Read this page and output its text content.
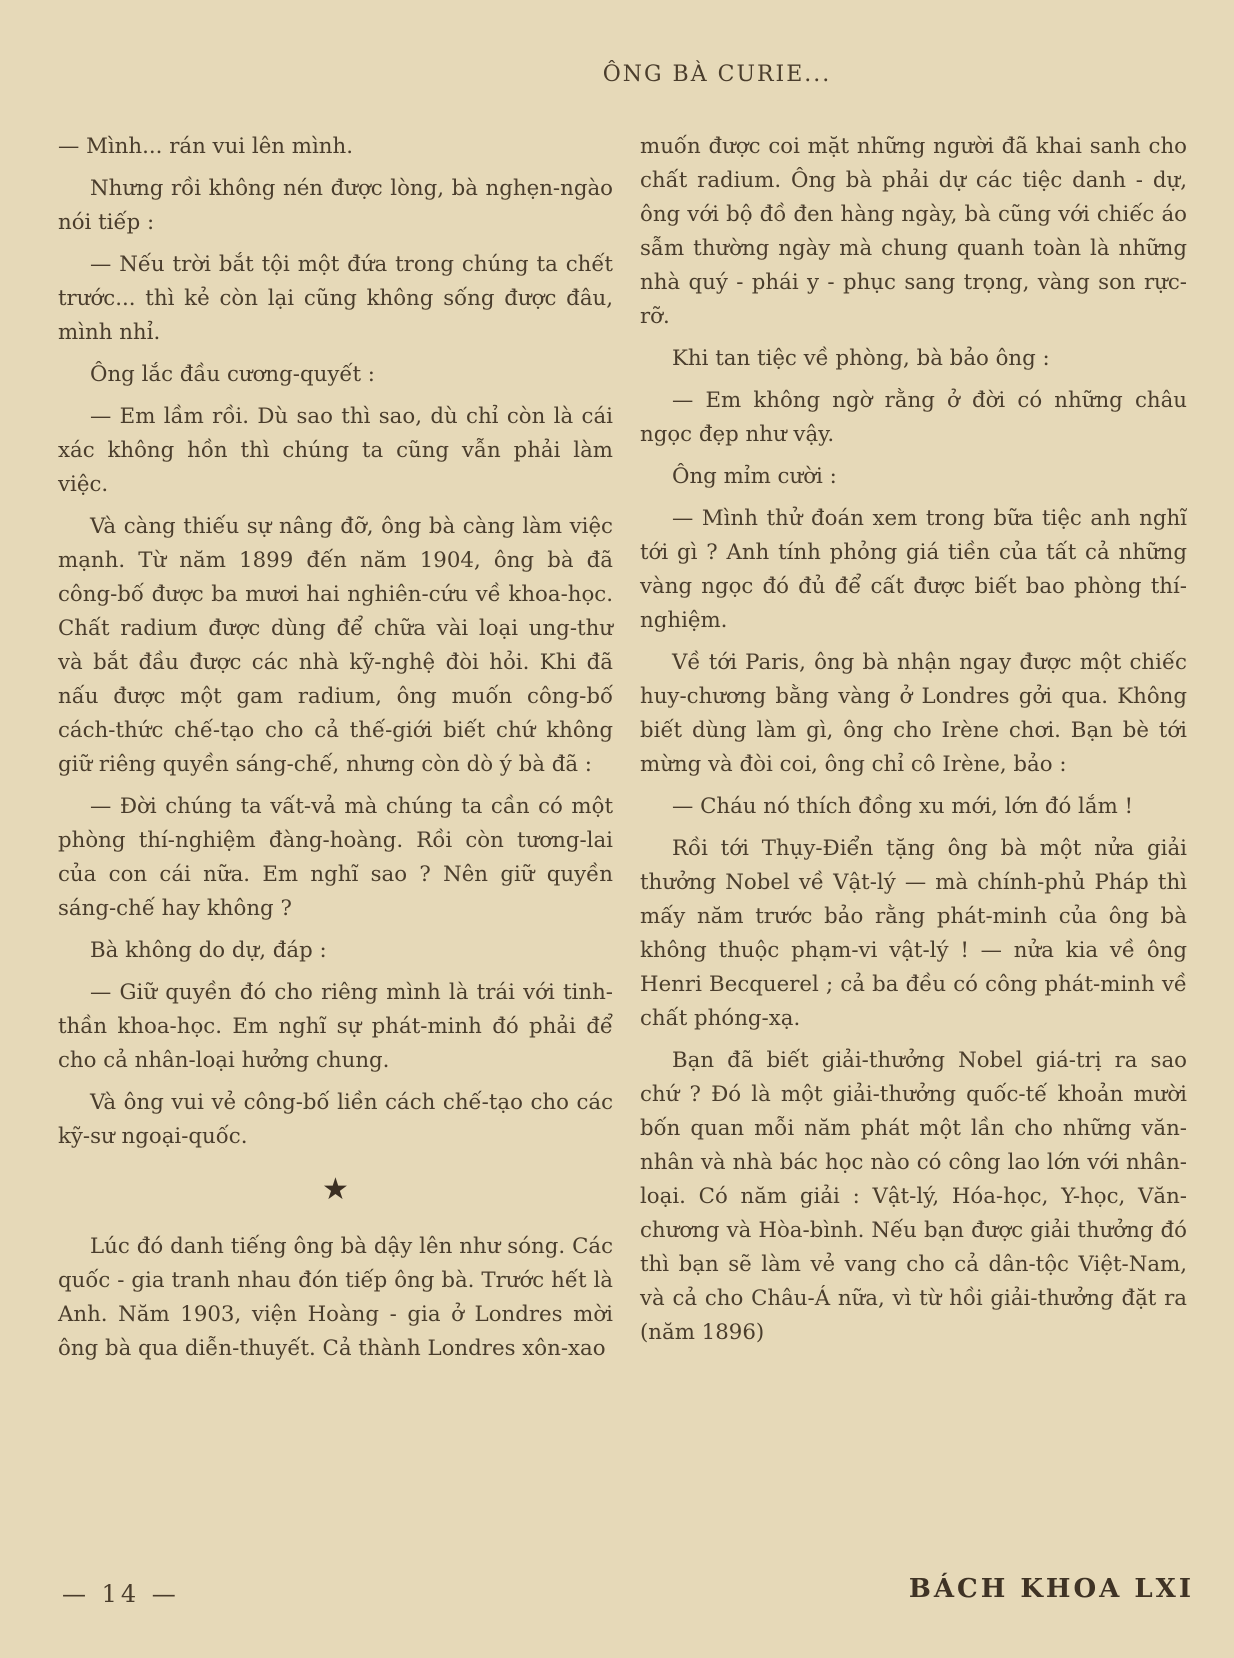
ÔNG BÀ CURIE...

— Mình... rán vui lên mình.

Nhưng rồi không nén được lòng, bà nghẹn-ngào nói tiếp :

— Nếu trời bắt tội một đứa trong chúng ta chết trước... thì kẻ còn lại cũng không sống được đâu, mình nhỉ.

Ông lắc đầu cương-quyết :

— Em lầm rồi. Dù sao thì sao, dù chỉ còn là cái xác không hồn thì chúng ta cũng vẫn phải làm việc.

Và càng thiếu sự nâng đỡ, ông bà càng làm việc mạnh. Từ năm 1899 đến năm 1904, ông bà đã công-bố được ba mươi hai nghiên-cứu về khoa-học. Chất radium được dùng để chữa vài loại ung-thư và bắt đầu được các nhà kỹ-nghệ đòi hỏi. Khi đã nấu được một gam radium, ông muốn công-bố cách-thức chế-tạo cho cả thế-giới biết chứ không giữ riêng quyền sáng-chế, nhưng còn dò ý bà đã :

— Đời chúng ta vất-vả mà chúng ta cần có một phòng thí-nghiệm đàng-hoàng. Rồi còn tương-lai của con cái nữa. Em nghĩ sao ? Nên giữ quyền sáng-chế hay không ?

Bà không do dự, đáp :

— Giữ quyền đó cho riêng mình là trái với tinh-thần khoa-học. Em nghĩ sự phát-minh đó phải để cho cả nhân-loại hưởng chung.

Và ông vui vẻ công-bố liền cách chế-tạo cho các kỹ-sư ngoại-quốc.

★

Lúc đó danh tiếng ông bà dậy lên như sóng. Các quốc - gia tranh nhau đón tiếp ông bà. Trước hết là Anh. Năm 1903, viện Hoàng - gia ở Londres mời ông bà qua diễn-thuyết. Cả thành Londres xôn-xao

muốn được coi mặt những người đã khai sanh cho chất radium. Ông bà phải dự các tiệc danh - dự, ông với bộ đồ đen hàng ngày, bà cũng với chiếc áo sẫm thường ngày mà chung quanh toàn là những nhà quý - phái y - phục sang trọng, vàng son rực-rỡ.

Khi tan tiệc về phòng, bà bảo ông :

— Em không ngờ rằng ở đời có những châu ngọc đẹp như vậy.

Ông mỉm cười :

— Mình thử đoán xem trong bữa tiệc anh nghĩ tới gì ? Anh tính phỏng giá tiền của tất cả những vàng ngọc đó đủ để cất được biết bao phòng thí-nghiệm.

Về tới Paris, ông bà nhận ngay được một chiếc huy-chương bằng vàng ở Londres gởi qua. Không biết dùng làm gì, ông cho Irène chơi. Bạn bè tới mừng và đòi coi, ông chỉ cô Irène, bảo :

— Cháu nó thích đồng xu mới, lớn đó lắm !

Rồi tới Thụy-Điển tặng ông bà một nửa giải thưởng Nobel về Vật-lý — mà chính-phủ Pháp thì mấy năm trước bảo rằng phát-minh của ông bà không thuộc phạm-vi vật-lý ! — nửa kia về ông Henri Becquerel ; cả ba đều có công phát-minh về chất phóng-xạ.

Bạn đã biết giải-thưởng Nobel giá-trị ra sao chứ ? Đó là một giải-thưởng quốc-tế khoản mười bốn quan mỗi năm phát một lần cho những văn-nhân và nhà bác học nào có công lao lớn với nhân-loại. Có năm giải : Vật-lý, Hóa-học, Y-học, Văn-chương và Hòa-bình. Nếu bạn được giải thưởng đó thì bạn sẽ làm vẻ vang cho cả dân-tộc Việt-Nam, và cả cho Châu-Á nữa, vì từ hồi giải-thưởng đặt ra (năm 1896)

— 14 —	BÁCH KHOA LXI
